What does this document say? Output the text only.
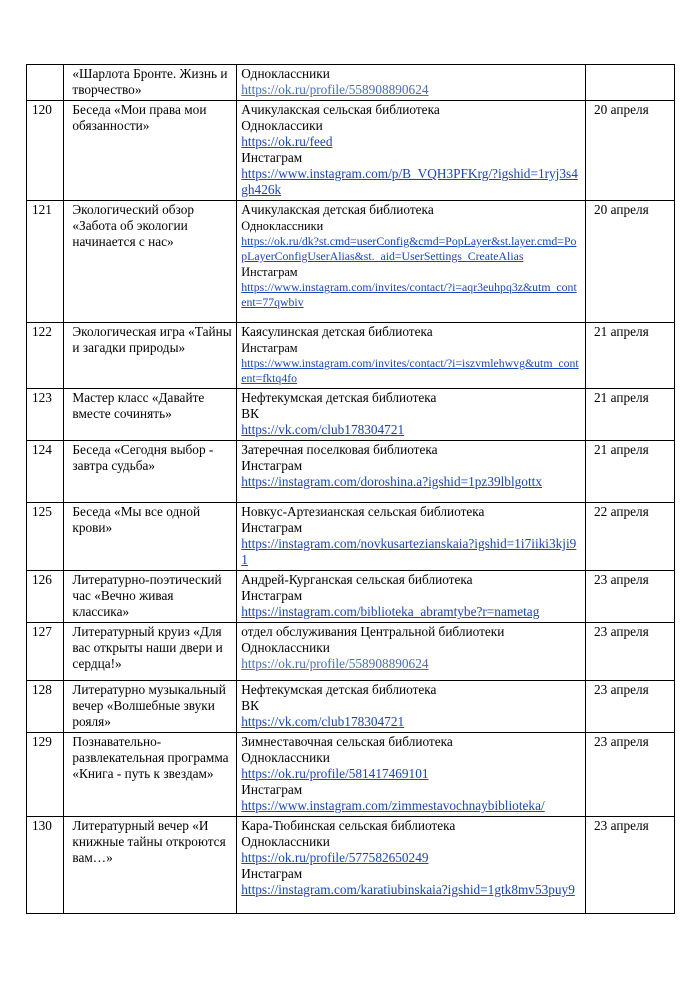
	«Шарлота Бронте. Жизнь и творчество»	Одноклассники
https://ok.ru/profile/558908890624	

120	Беседа «Мои права мои обязанности»	Ачикулакская сельская библиотека
Одноклассики
https://ok.ru/feed
Инстаграм
https://www.instagram.com/p/B_VQH3PFKrg/?igshid=1ryj3s4gh426k	20 апреля

121	Экологический обзор «Забота об экологии начинается с нас»	Ачикулакская детская библиотека
Одноклассники
https://ok.ru/dk?st.cmd=userConfig&cmd=PopLayer&st.layer.cmd=PopLayerConfigUserAlias&st._aid=UserSettings_CreateAlias
Инстаграм
https://www.instagram.com/invites/contact/?i=aqr3euhpq3z&utm_content=77qwbiv	20 апреля

122	Экологическая игра «Тайны и загадки природы»	Каясулинская детская библиотека
Инстаграм
https://www.instagram.com/invites/contact/?i=iszvmlehwvg&utm_content=fktq4fo	21 апреля

123	Мастер класс «Давайте вместе сочинять»	Нефтекумская детская библиотека
ВК
https://vk.com/club178304721	21 апреля

124	Беседа «Сегодня выбор - завтра судьба»	Затеречная поселковая библиотека
Инстаграм
https://instagram.com/doroshina.a?igshid=1pz39lblgottx	21 апреля

125	Беседа «Мы все одной крови»	Новкус-Артезианская сельская библиотека
Инстаграм
https://instagram.com/novkusartezianskaia?igshid=1i7iiki3kji91	22 апреля

126	Литературно-поэтический час «Вечно живая классика»	Андрей-Курганская сельская библиотека
Инстаграм
https://instagram.com/biblioteka_abramtybe?r=nametag	23 апреля

127	Литературный круиз «Для вас открыты наши двери и сердца!»	отдел обслуживания Центральной библиотеки
Одноклассники
https://ok.ru/profile/558908890624	23 апреля

128	Литературно музыкальный вечер «Волшебные звуки рояля»	Нефтекумская детская библиотека
ВК
https://vk.com/club178304721	23 апреля

129	Познавательно-развлекательная программа «Книга - путь к звездам»	Зимнеставочная сельская библиотека
Одноклассники
https://ok.ru/profile/581417469101
Инстаграм
https://www.instagram.com/zimmestavochnaybiblioteka/	23 апреля

130	Литературный вечер «И книжные тайны откроются вам…»	Кара-Тюбинская сельская библиотека
Одноклассники
https://ok.ru/profile/577582650249
Инстаграм
https://instagram.com/karatiubinskaia?igshid=1gtk8mv53puy9	23 апреля
